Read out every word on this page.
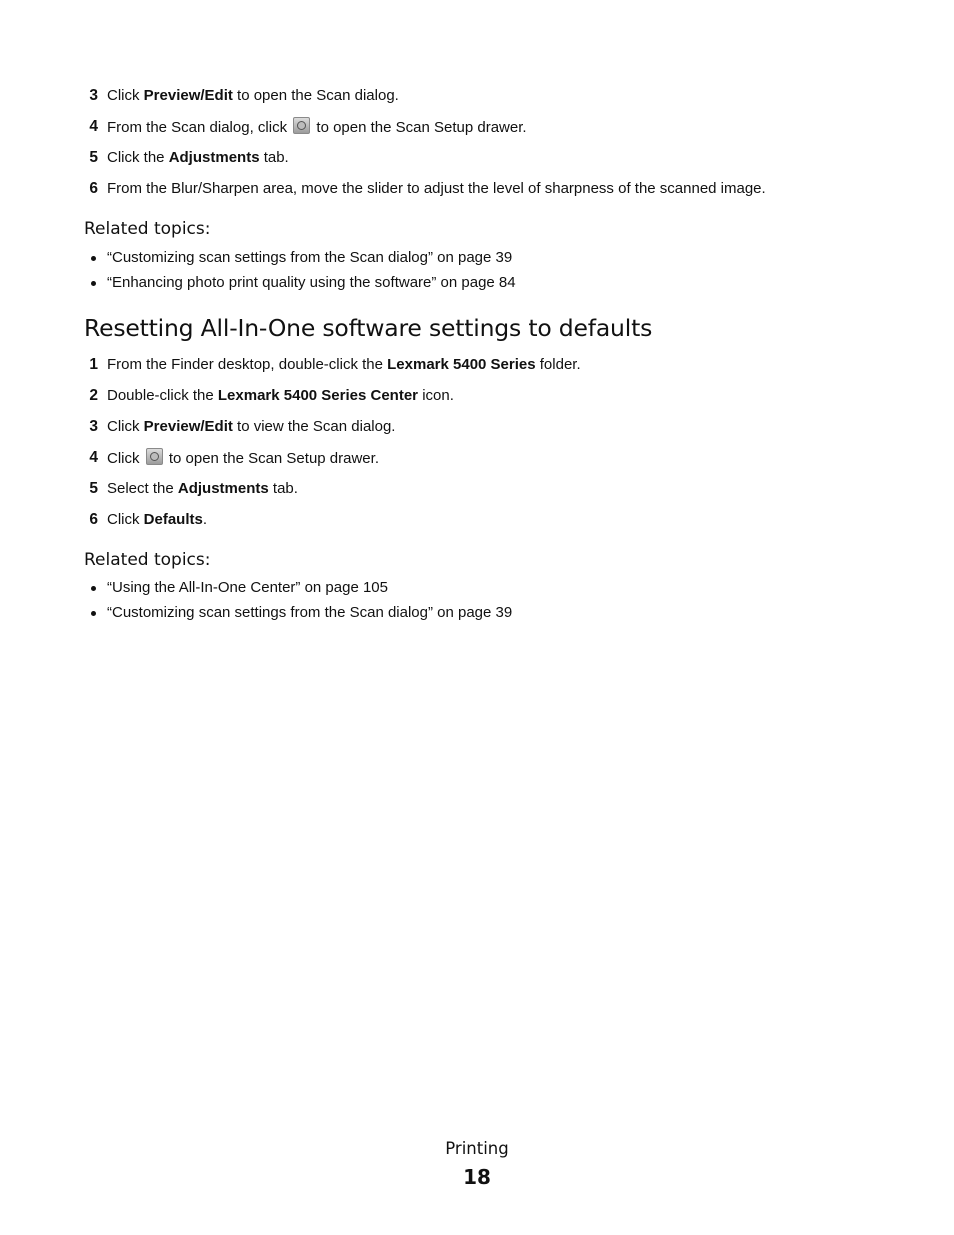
3 Click Preview/Edit to open the Scan dialog.
4 From the Scan dialog, click  to open the Scan Setup drawer.
5 Click the Adjustments tab.
6 From the Blur/Sharpen area, move the slider to adjust the level of sharpness of the scanned image.
Related topics:
“Customizing scan settings from the Scan dialog” on page 39
“Enhancing photo print quality using the software” on page 84
Resetting All-In-One software settings to defaults
1 From the Finder desktop, double-click the Lexmark 5400 Series folder.
2 Double-click the Lexmark 5400 Series Center icon.
3 Click Preview/Edit to view the Scan dialog.
4 Click  to open the Scan Setup drawer.
5 Select the Adjustments tab.
6 Click Defaults.
Related topics:
“Using the All-In-One Center” on page 105
“Customizing scan settings from the Scan dialog” on page 39
Printing
18
